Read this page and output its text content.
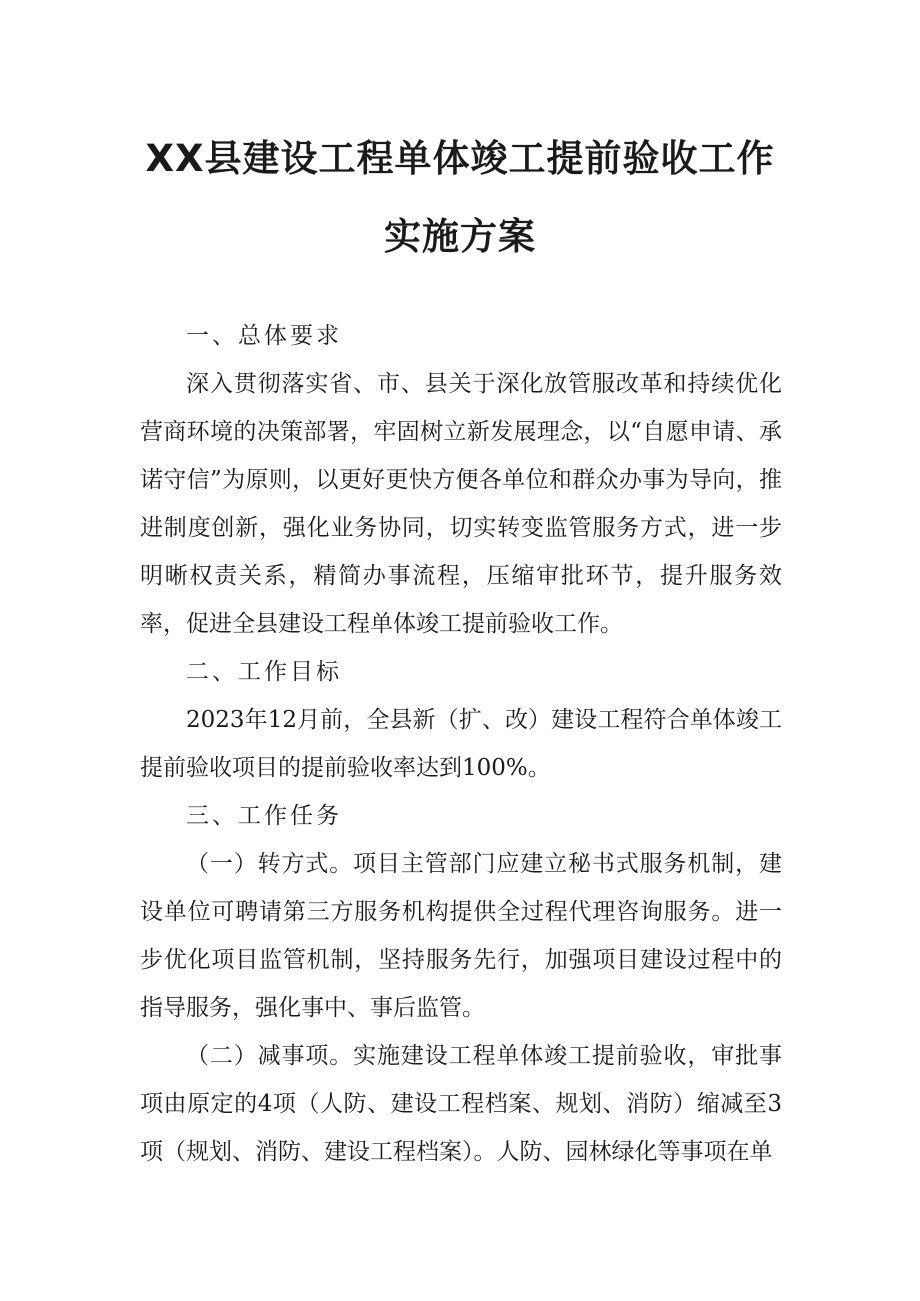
XX县建设工程单体竣工提前验收工作
实施方案

一、总体要求

深入贯彻落实省、市、县关于深化放管服改革和持续优化营商环境的决策部署，牢固树立新发展理念，以“自愿申请、承诺守信”为原则，以更好更快方便各单位和群众办事为导向，推进制度创新，强化业务协同，切实转变监管服务方式，进一步明晰权责关系，精简办事流程，压缩审批环节，提升服务效率，促进全县建设工程单体竣工提前验收工作。

二、工作目标

2023年12月前，全县新（扩、改）建设工程符合单体竣工提前验收项目的提前验收率达到100%。

三、工作任务

（一）转方式。项目主管部门应建立秘书式服务机制，建设单位可聘请第三方服务机构提供全过程代理咨询服务。进一步优化项目监管机制，坚持服务先行，加强项目建设过程中的指导服务，强化事中、事后监管。

（二）减事项。实施建设工程单体竣工提前验收，审批事项由原定的4项（人防、建设工程档案、规划、消防）缩减至3项（规划、消防、建设工程档案）。人防、园林绿化等事项在单
